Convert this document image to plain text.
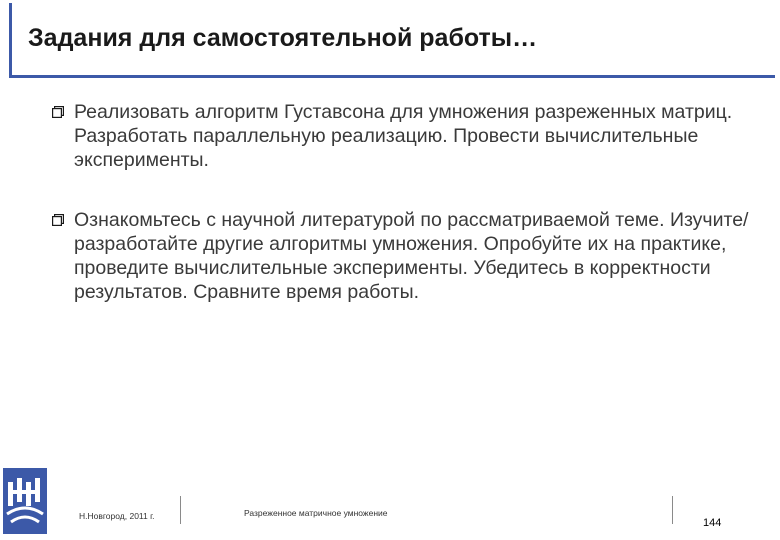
Задания для самостоятельной работы…
Реализовать алгоритм Густавсона для умножения разреженных матриц. Разработать параллельную реализацию. Провести вычислительные эксперименты.
Ознакомьтесь с научной литературой по рассматриваемой теме. Изучите/разработайте другие алгоритмы умножения. Опробуйте их на практике, проведите вычислительные эксперименты. Убедитесь в корректности результатов. Сравните время работы.
Н.Новгород, 2011 г.	Разреженное матричное умножение
144
